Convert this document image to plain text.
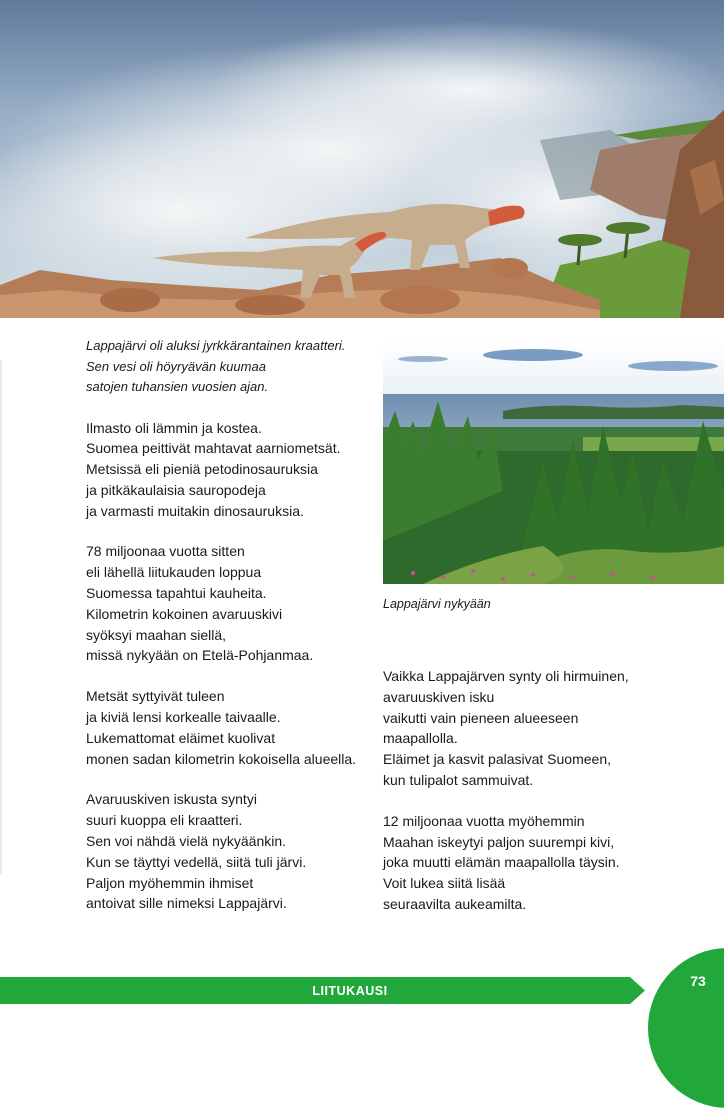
Lappajärvi oli aluksi jyrkkärantainen kraatteri.
Sen vesi oli höyryävän kuumaa
satojen tuhansien vuosien ajan.

Ilmasto oli lämmin ja kostea.
Suomea peittivät mahtavat aarniometsät.
Metsissä eli pieniä petodinosauruksia
ja pitkäkaulaisia sauropodeja
ja varmasti muitakin dinosauruksia.

78 miljoonaa vuotta sitten
eli lähellä liitukauden loppua
Suomessa tapahtui kauheita.
Kilometrin kokoinen avaruuskivi
syöksyi maahan siellä,
missä nykyään on Etelä-Pohjanmaa.

Metsät syttyivät tuleen
ja kiviä lensi korkealle taivaalle.
Lukemattomat eläimet kuolivat
monen sadan kilometrin kokoisella alueella.

Avaruuskiven iskusta syntyi
suuri kuoppa eli kraatteri.
Sen voi nähdä vielä nykyäänkin.
Kun se täyttyi vedellä, siitä tuli järvi.
Paljon myöhemmin ihmiset
antoivat sille nimeksi Lappajärvi.

Lappajärvi nykyään

Vaikka Lappajärven synty oli hirmuinen,
avaruuskiven isku
vaikutti vain pieneen alueeseen
maapallolla.
Eläimet ja kasvit palasivat Suomeen,
kun tulipalot sammuivat.

12 miljoonaa vuotta myöhemmin
Maahan iskeytyi paljon suurempi kivi,
joka muutti elämän maapallolla täysin.
Voit lukea siitä lisää
seuraavilta aukeamilta.

LIITUKAUSI
73
